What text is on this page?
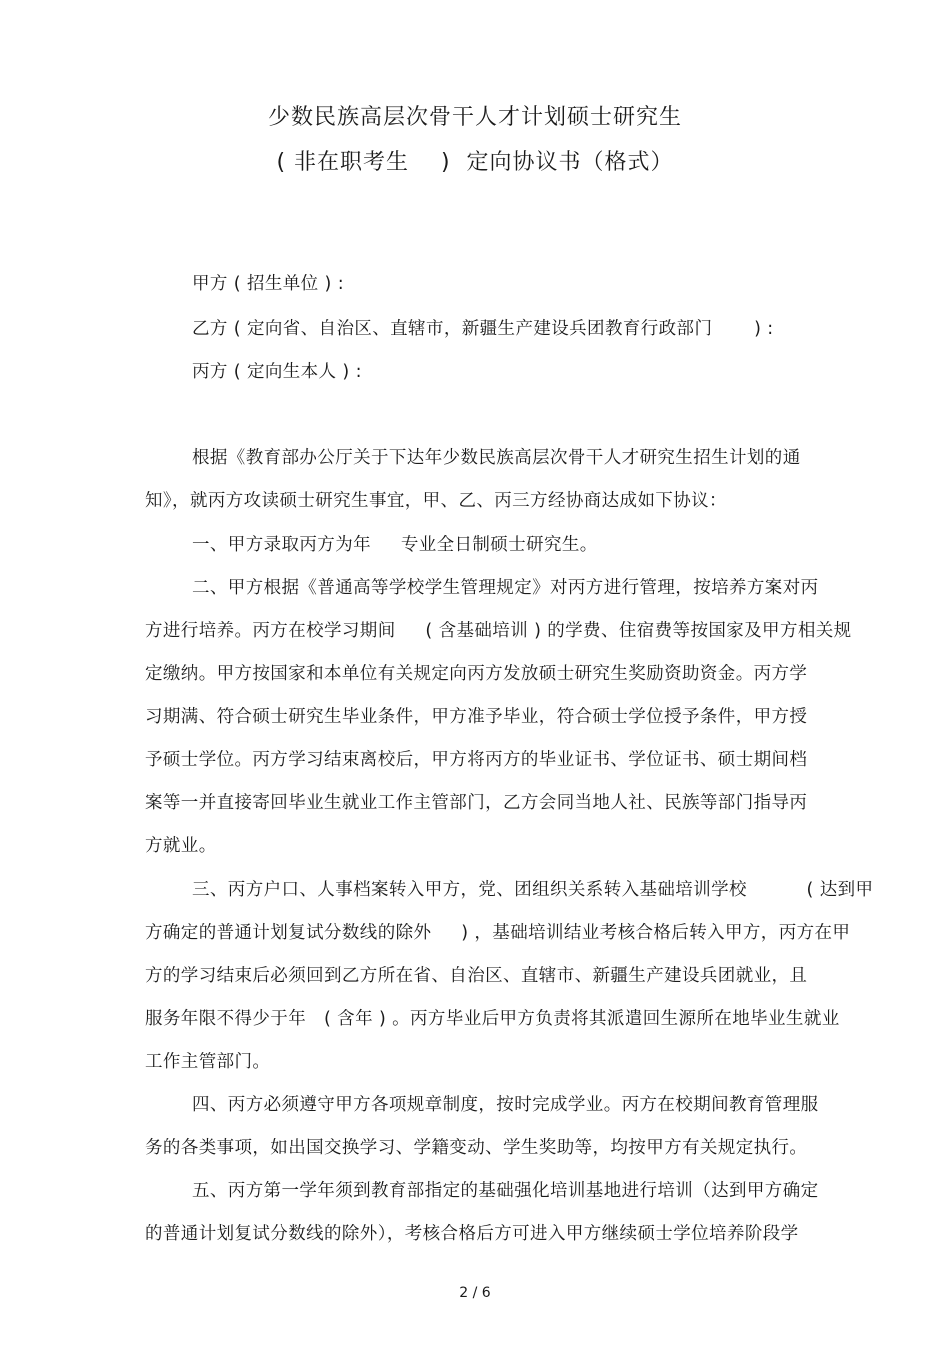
少数民族高层次骨干人才计划硕士研究生
( 非在职考生    )  定向协议书（格式）
甲方 ( 招生单位 ) :
乙方 ( 定向省、自治区、直辖市，新疆生产建设兵团教育行政部门       ) :
丙方 ( 定向生本人 ) :
根据《教育部办公厅关于下达年少数民族高层次骨干人才研究生招生计划的通
知》，就丙方攻读硕士研究生事宜，甲、乙、丙三方经协商达成如下协议：
一、甲方录取丙方为年     专业全日制硕士研究生。
二、甲方根据《普通高等学校学生管理规定》对丙方进行管理，按培养方案对丙
方进行培养。丙方在校学习期间     ( 含基础培训 ) 的学费、住宿费等按国家及甲方相关规
定缴纳。甲方按国家和本单位有关规定向丙方发放硕士研究生奖励资助资金。丙方学
习期满、符合硕士研究生毕业条件，甲方准予毕业，符合硕士学位授予条件，甲方授
予硕士学位。丙方学习结束离校后，甲方将丙方的毕业证书、学位证书、硕士期间档
案等一并直接寄回毕业生就业工作主管部门，乙方会同当地人社、民族等部门指导丙
方就业。
三、丙方户口、人事档案转入甲方，党、团组织关系转入基础培训学校          ( 达到甲
方确定的普通计划复试分数线的除外     ) ，基础培训结业考核合格后转入甲方，丙方在甲
方的学习结束后必须回到乙方所在省、自治区、直辖市、新疆生产建设兵团就业，且
服务年限不得少于年   ( 含年 ) 。丙方毕业后甲方负责将其派遣回生源所在地毕业生就业
工作主管部门。
四、丙方必须遵守甲方各项规章制度，按时完成学业。丙方在校期间教育管理服
务的各类事项，如出国交换学习、学籍变动、学生奖助等，均按甲方有关规定执行。
五、丙方第一学年须到教育部指定的基础强化培训基地进行培训（达到甲方确定
的普通计划复试分数线的除外），考核合格后方可进入甲方继续硕士学位培养阶段学
2 / 6
